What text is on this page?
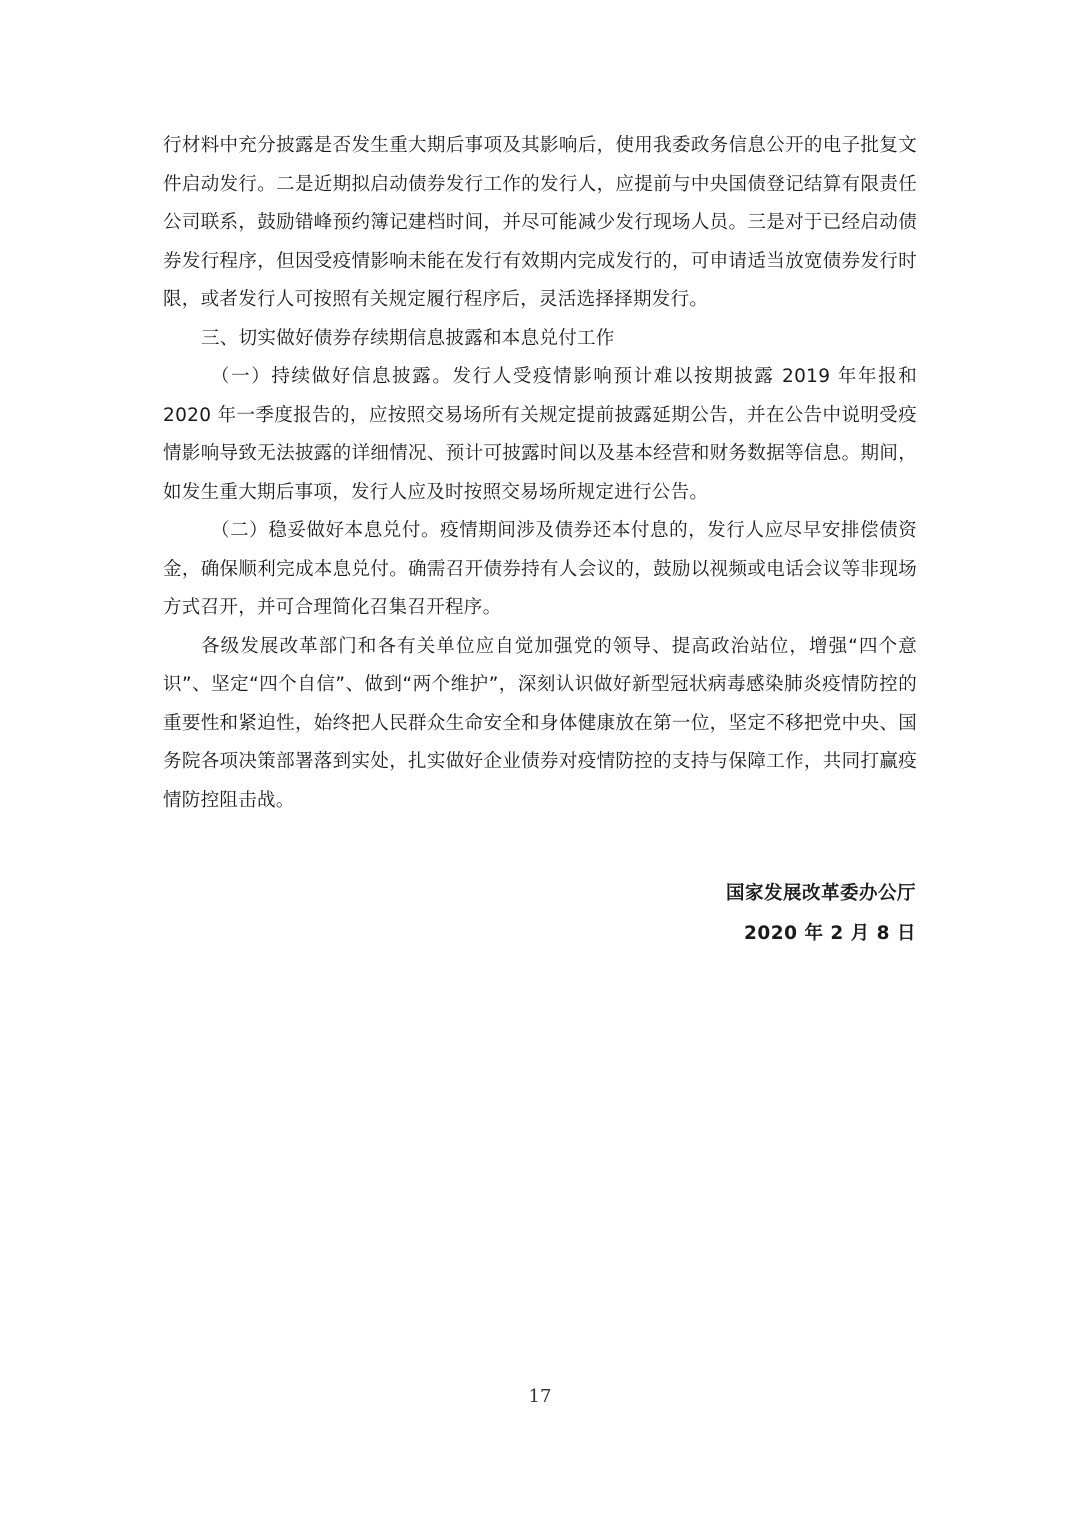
行材料中充分披露是否发生重大期后事项及其影响后，使用我委政务信息公开的电子批复文件启动发行。二是近期拟启动债券发行工作的发行人，应提前与中央国债登记结算有限责任公司联系，鼓励错峰预约簿记建档时间，并尽可能减少发行现场人员。三是对于已经启动债券发行程序，但因受疫情影响未能在发行有效期内完成发行的，可申请适当放宽债券发行时限，或者发行人可按照有关规定履行程序后，灵活选择择期发行。

三、切实做好债券存续期信息披露和本息兑付工作

（一）持续做好信息披露。发行人受疫情影响预计难以按期披露 2019 年年报和 2020 年一季度报告的，应按照交易场所有关规定提前披露延期公告，并在公告中说明受疫情影响导致无法披露的详细情况、预计可披露时间以及基本经营和财务数据等信息。期间，如发生重大期后事项，发行人应及时按照交易场所规定进行公告。

（二）稳妥做好本息兑付。疫情期间涉及债券还本付息的，发行人应尽早安排偿债资金，确保顺利完成本息兑付。确需召开债券持有人会议的，鼓励以视频或电话会议等非现场方式召开，并可合理简化召集召开程序。

各级发展改革部门和各有关单位应自觉加强党的领导、提高政治站位，增强“四个意识”、坚定“四个自信”、做到“两个维护”，深刻认识做好新型冠状病毒感染肺炎疫情防控的重要性和紧迫性，始终把人民群众生命安全和身体健康放在第一位，坚定不移把党中央、国务院各项决策部署落到实处，扎实做好企业债券对疫情防控的支持与保障工作，共同打赢疫情防控阻击战。

国家发展改革委办公厅
2020 年 2 月 8 日
17
